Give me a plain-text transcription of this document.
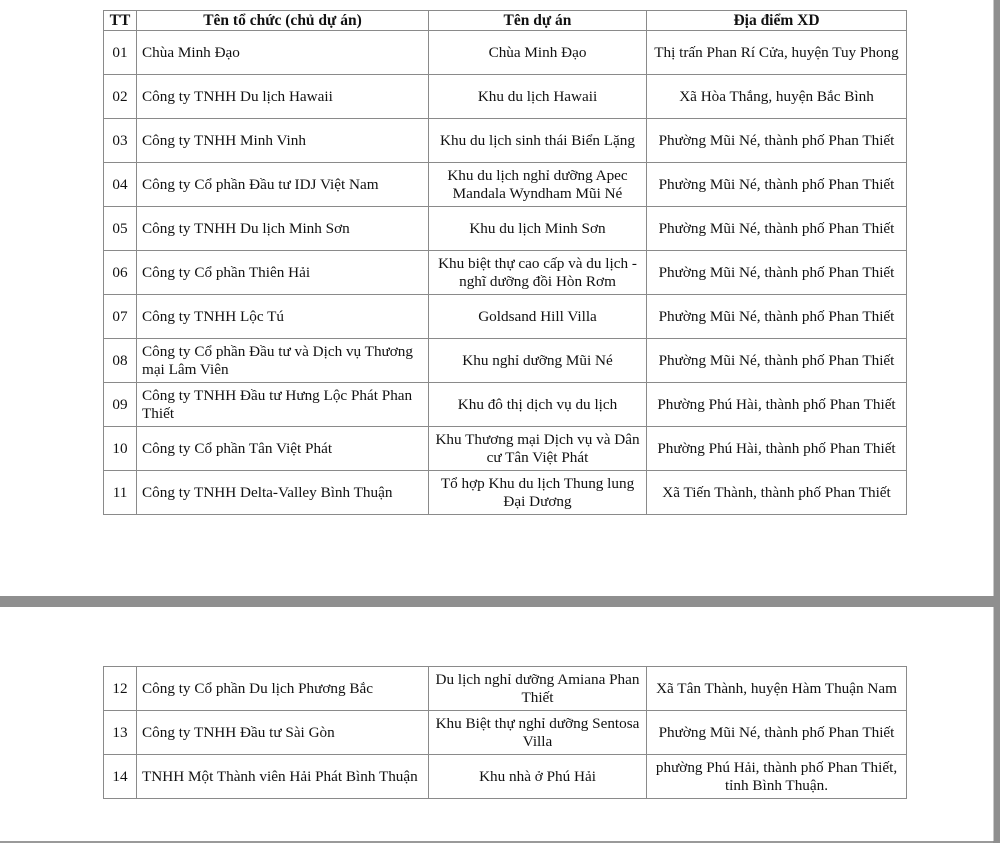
TT	Tên tổ chức (chủ dự án)	Tên dự án	Địa điểm XD
01	Chùa Minh Đạo	Chùa Minh Đạo	Thị trấn Phan Rí Cửa, huyện Tuy Phong
02	Công ty TNHH Du lịch Hawaii	Khu du lịch Hawaii	Xã Hòa Thắng, huyện Bắc Bình
03	Công ty TNHH Minh Vinh	Khu du lịch sinh thái Biển Lặng	Phường Mũi Né, thành phố Phan Thiết
04	Công ty Cổ phần Đầu tư IDJ Việt Nam	Khu du lịch nghỉ dưỡng Apec Mandala Wyndham Mũi Né	Phường Mũi Né, thành phố Phan Thiết
05	Công ty TNHH Du lịch Minh Sơn	Khu du lịch Minh Sơn	Phường Mũi Né, thành phố Phan Thiết
06	Công ty Cổ phần Thiên Hải	Khu biệt thự cao cấp và du lịch - nghĩ dưỡng đồi Hòn Rơm	Phường Mũi Né, thành phố Phan Thiết
07	Công ty TNHH Lộc Tú	Goldsand Hill Villa	Phường Mũi Né, thành phố Phan Thiết
08	Công ty Cổ phần Đầu tư và Dịch vụ Thương mại Lâm Viên	Khu nghỉ dưỡng Mũi Né	Phường Mũi Né, thành phố Phan Thiết
09	Công ty TNHH Đầu tư Hưng Lộc Phát Phan Thiết	Khu đô thị dịch vụ du lịch	Phường Phú Hài, thành phố Phan Thiết
10	Công ty Cổ phần Tân Việt Phát	Khu Thương mại Dịch vụ và Dân cư Tân Việt Phát	Phường Phú Hài, thành phố Phan Thiết
11	Công ty TNHH Delta-Valley Bình Thuận	Tổ hợp Khu du lịch Thung lung Đại Dương	Xã Tiến Thành, thành phố Phan Thiết
12	Công ty Cổ phần Du lịch Phương Bắc	Du lịch nghỉ dưỡng Amiana Phan Thiết	Xã Tân Thành, huyện Hàm Thuận Nam
13	Công ty TNHH Đầu tư Sài Gòn	Khu Biệt thự nghỉ dưỡng Sentosa Villa	Phường Mũi Né, thành phố Phan Thiết
14	TNHH Một Thành viên Hải Phát Bình Thuận	Khu nhà ở Phú Hải	phường Phú Hải, thành phố Phan Thiết, tỉnh Bình Thuận.
